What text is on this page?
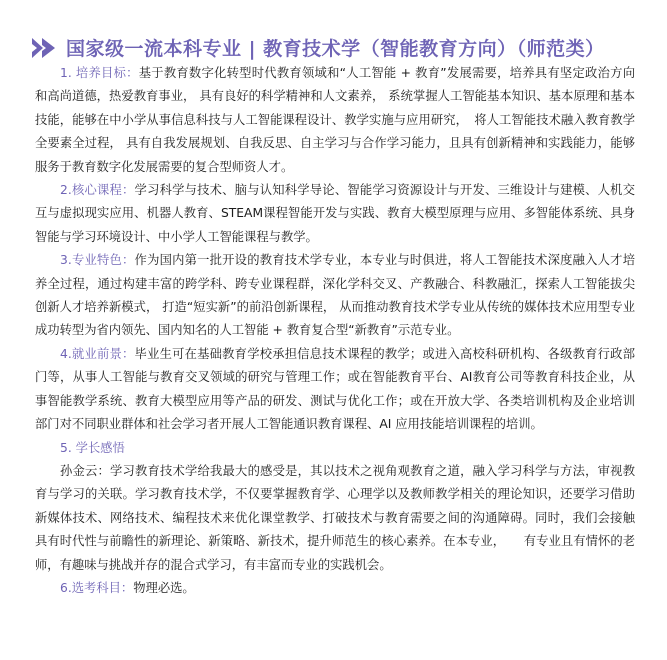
国家级一流本科专业 | 教育技术学（智能教育方向）（师范类）

1. 培养目标：基于教育数字化转型时代教育领域和“人工智能 + 教育”发展需要，培养具有坚定政治方向和高尚道德，热爱教育事业， 具有良好的科学精神和人文素养， 系统掌握人工智能基本知识、基本原理和基本技能，能够在中小学从事信息科技与人工智能课程设计、教学实施与应用研究，　将人工智能技术融入教育教学全要素全过程， 具有自我发展规划、自我反思、自主学习与合作学习能力，且具有创新精神和实践能力，能够服务于教育数字化发展需要的复合型师资人才。

2.核心课程：学习科学与技术、脑与认知科学导论、智能学习资源设计与开发、三维设计与建模、人机交互与虚拟现实应用、机器人教育、STEAM课程智能开发与实践、教育大模型原理与应用、多智能体系统、具身智能与学习环境设计、中小学人工智能课程与教学。

3.专业特色：作为国内第一批开设的教育技术学专业，本专业与时俱进，将人工智能技术深度融入人才培养全过程，通过构建丰富的跨学科、跨专业课程群，深化学科交叉、产教融合、科教融汇，探索人工智能拔尖创新人才培养新模式， 打造“短实新”的前沿创新课程， 从而推动教育技术学专业从传统的媒体技术应用型专业成功转型为省内领先、国内知名的人工智能 + 教育复合型“新教育”示范专业。

4.就业前景：毕业生可在基础教育学校承担信息技术课程的教学；或进入高校科研机构、各级教育行政部门等，从事人工智能与教育交叉领域的研究与管理工作；或在智能教育平台、AI教育公司等教育科技企业，从事智能教学系统、教育大模型应用等产品的研发、测试与优化工作；或在开放大学、各类培训机构及企业培训部门对不同职业群体和社会学习者开展人工智能通识教育课程、AI 应用技能培训课程的培训。

5. 学长感悟

孙金云：学习教育技术学给我最大的感受是，其以技术之视角观教育之道，融入学习科学与方法，审视教育与学习的关联。学习教育技术学，不仅要掌握教育学、心理学以及教师教学相关的理论知识，还要学习借助新媒体技术、网络技术、编程技术来优化课堂教学、打破技术与教育需要之间的沟通障碍。同时，我们会接触具有时代性与前瞻性的新理论、新策略、新技术，提升师范生的核心素养。在本专业，　　有专业且有情怀的老师，有趣味与挑战并存的混合式学习，有丰富而专业的实践机会。

6.选考科目：物理必选。
